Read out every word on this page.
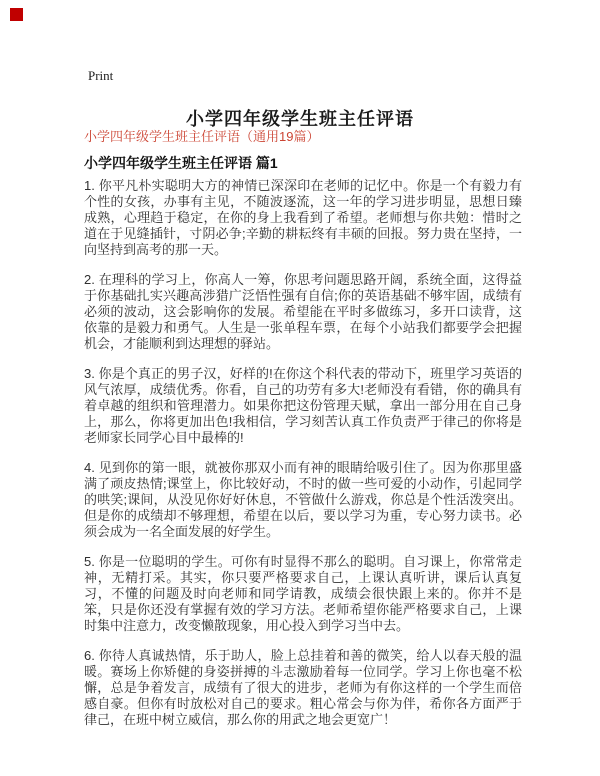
Print
小学四年级学生班主任评语
小学四年级学生班主任评语（通用19篇）
小学四年级学生班主任评语 篇1

1. 你平凡朴实聪明大方的神情已深深印在老师的记忆中。你是一个有毅力有个性的女孩，办事有主见，不随波逐流，这一年的学习进步明显，思想日臻成熟，心理趋于稳定，在你的身上我看到了希望。老师想与你共勉：惜时之道在于见缝插针，寸阴必争;辛勤的耕耘终有丰硕的回报。努力贵在坚持，一向坚持到高考的那一天。

2. 在理科的学习上，你高人一筹，你思考问题思路开阔，系统全面，这得益于你基础扎实兴趣高涉猎广泛悟性强有自信;你的英语基础不够牢固，成绩有必须的波动，这会影响你的发展。希望能在平时多做练习，多开口读背，这依靠的是毅力和勇气。人生是一张单程车票，在每个小站我们都要学会把握机会，才能顺利到达理想的驿站。

3. 你是个真正的男子汉，好样的!在你这个科代表的带动下，班里学习英语的风气浓厚，成绩优秀。你看，自己的功劳有多大!老师没有看错，你的确具有着卓越的组织和管理潜力。如果你把这份管理天赋，拿出一部分用在自己身上，那么，你将更加出色!我相信，学习刻苦认真工作负责严于律己的你将是老师家长同学心目中最棒的!

4. 见到你的第一眼，就被你那双小而有神的眼睛给吸引住了。因为你那里盛满了顽皮热情;课堂上，你比较好动，不时的做一些可爱的小动作，引起同学的哄笑;课间，从没见你好好休息，不管做什么游戏，你总是个性活泼突出。但是你的成绩却不够理想，希望在以后，要以学习为重，专心努力读书。必须会成为一名全面发展的好学生。

5. 你是一位聪明的学生。可你有时显得不那么的聪明。自习课上，你常常走神，无精打采。其实，你只要严格要求自己，上课认真听讲，课后认真复习，不懂的问题及时向老师和同学请教，成绩会很快跟上来的。你并不是笨，只是你还没有掌握有效的学习方法。老师希望你能严格要求自己，上课时集中注意力，改变懒散现象，用心投入到学习当中去。

6. 你待人真诚热情，乐于助人，脸上总挂着和善的微笑，给人以春天般的温暖。赛场上你矫健的身姿拼搏的斗志激励着每一位同学。学习上你也毫不松懈，总是争着发言，成绩有了很大的进步，老师为有你这样的一个学生而倍感自豪。但你有时放松对自己的要求。粗心常会与你为伴，希你各方面严于律己，在班中树立威信，那么你的用武之地会更宽广！
